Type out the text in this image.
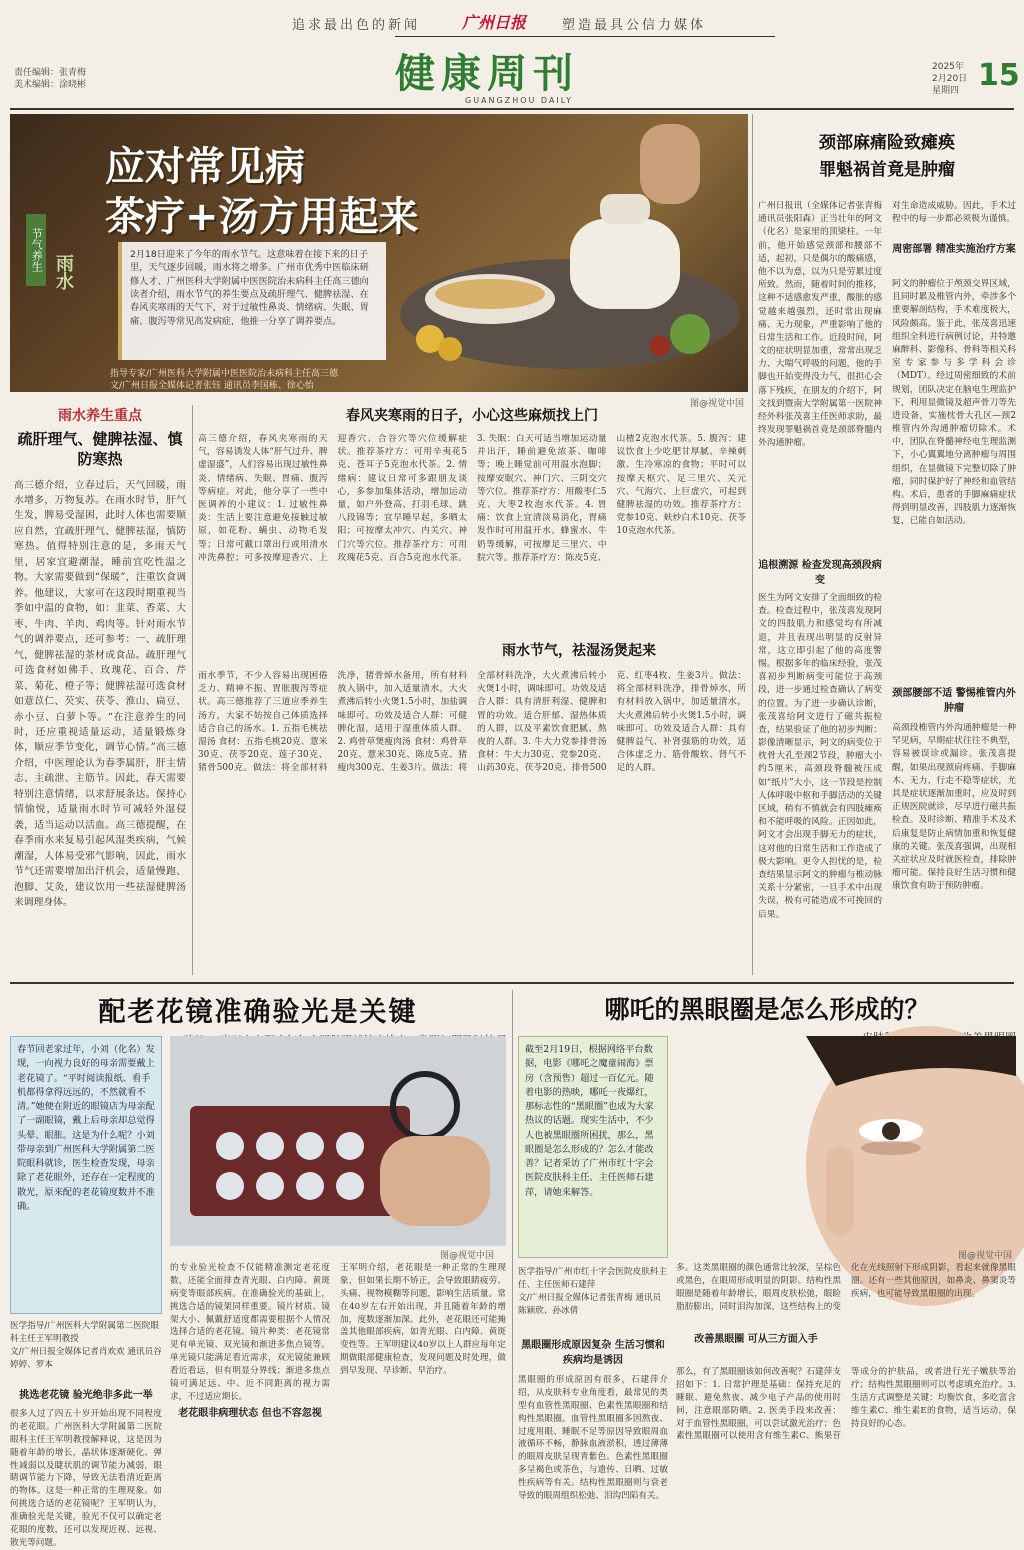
追求最出色的新闻	广州日报	塑造最具公信力媒体
健康周刊
GUANGZHOU DAILY
责任编辑：张青梅
美术编辑：涂晓彬
2025年
2月20日
星期四 15
应对常见病
茶疗+汤方用起来
节气养生 雨水	2月18日迎来了今年的雨水节气。这意味着在接下来的日子里，天气逐步回暖，雨水将之增多。广州市优秀中医临床研修人才、广州医科大学附属中医医院治未病科主任高三德向读者介绍，雨水节气的养生要点及疏肝理气、健脾祛湿、在春风夹寒雨的天气下，对于过敏性鼻炎、情绪病、失眠、胃痛、腹泻等常见高发病症，他推一分享了调养要点。
指导专家/广州医科大学附属中医医院治未病科主任高三德
文/广州日报全媒体记者张钰 通讯员李国栋、徐心怡
图@视觉中国
雨水养生重点
疏肝理气、健脾祛湿、慎防寒热
高三德介绍，立春过后，天气回暖，雨水增多，万物复苏。在雨水时节，肝气生发，脾易受湿困，此时人体也需要顺应自然，宜疏肝理气、健脾祛湿，慎防寒热。值得特别注意的是，多雨天气里，居家宜避潮湿，睡前宜吃性温之物。大家需要做到“保暖”，注重饮食调养。他建议，大家可在这段时期重视当季如中温的食物，如：韭菜、香菜、大枣、牛肉、羊肉、鸡肉等。针对雨水节气的调养要点，还可参考：一、疏肝理气，健脾祛湿的茶材成食品。疏肝理气可选食材如佛手、玫瑰花、百合、芹菜、菊花、橙子等；健脾祛湿可选食材如薏苡仁、芡实、茯苓、淮山、扁豆、赤小豆、白萝卜等。“在注意养生的同时，还应重视适量运动，适量锻炼身体，顺应季节变化，调节心情。”高三德介绍，中医理论认为春季属肝，肝主情志、主疏泄、主筋节。因此，春天需要特别注意情绪，以求舒展条达。保持心情愉悦，适量雨水时节可减轻外湿侵袭，适当运动以活血。高三德提醒，在春季雨水来复易引起风湿类疾病，气候潮湿，人体易受邪气影响，因此，雨水节气还需要增加出汗机会，适量慢跑、泡脚、艾灸，建议饮用一些祛湿健脾汤来调理身体。
春风夹寒雨的日子，小心这些麻烦找上门
高三德介绍，春风夹寒雨的天气，容易诱发人体“肝气过升、脾虚湿盛”，人们容易出现过敏性鼻炎、情绪病、失眠、胃痛、腹泻等病症。对此，他分享了一些中医调养的小建议：1. 过敏性鼻炎：生活上要注意避免接触过敏原，如花粉、螨虫、动物毛发等；日常可戴口罩出行或用清水冲洗鼻腔；可多按摩迎香穴、上迎香穴、合谷穴等穴位缓解症状。推荐茶疗方：可用辛夷花5克、苍耳子5克泡水代茶。2. 情绪病：建议日常可多跟朋友谈心，多参加集体活动，增加运动量，如户外登高、打羽毛球、跳八段锦等；宜早睡早起，多晒太阳；可按摩太冲穴、内关穴、神门穴等穴位。推荐茶疗方：可用玫瑰花5克、百合5克泡水代茶。3. 失眠：白天可适当增加运动量并出汗，睡前避免浓茶、咖啡等；晚上睡觉前可用温水泡脚；按摩安眠穴、神门穴、三阴交穴等穴位。推荐茶疗方：用酸枣仁5克、大枣2枚泡水代茶。4. 胃痛：饮食上宜清淡易消化，胃痛发作时可用温开水、蜂蜜水、牛奶等缓解，可按摩足三里穴、中脘穴等。推荐茶疗方：陈皮5克、山楂2克泡水代茶。5. 腹泻：建议饮食上少吃肥甘厚腻、辛辣刺激、生冷寒凉的食物；平时可以按摩天枢穴、足三里穴、关元穴、气海穴、上巨虚穴，可起到健脾祛湿的功效。推荐茶疗方：党参10克、麸炒白术10克、茯苓10克泡水代茶。
雨水节气，祛湿汤煲起来
雨水季节，不少人容易出现困倦乏力、精神不振、胃胀腹泻等症状。高三德推荐了三道应季养生汤方，大家不妨按自己体质选择适合自己的汤水。1. 五指毛桃祛湿汤 食材：五指毛桃20克、薏米30克、茯苓20克、莲子30克、猪骨500克。做法：将全部材料洗净，猪骨焯水备用，所有材料放入锅中，加入适量清水，大火煮沸后转小火煲1.5小时，加盐调味即可。功效及适合人群：可健脾化湿，适用于湿重体质人群。2. 鸡骨草煲瘦肉汤 食材：鸡骨草20克、薏米30克、陈皮5克、猪瘦肉300克、生姜3片。做法：将全部材料洗净，大火煮沸后转小火煲1小时，调味即可。功效及适合人群：具有清肝利湿、健脾和胃的功效。适合肝郁、湿热体质的人群，以及平素饮食肥腻、熬夜的人群。3. 牛大力党参排骨汤 食材：牛大力30克、党参20克、山药30克、茯苓20克、排骨500克、红枣4枚、生姜3片。做法：将全部材料洗净，排骨焯水，所有材料放入锅中，加适量清水，大火煮沸后转小火煲1.5小时，调味即可。功效及适合人群：具有健脾益气、补肾强筋的功效，适合体虚乏力、筋骨酸软、肾气不足的人群。
颈部麻痛险致瘫痪
罪魁祸首竟是肿瘤
广州日报讯（全媒体记者张青梅 通讯员张阳森）正当壮年的阿文（化名）是家里的顶梁柱。一年前，他开始感觉颈部和腰部不适，起初，只是偶尔的酸痛感，他不以为意，以为只是劳累过度所致。然而，随着时间的推移，这种不适感愈发严重，酸胀的感觉越来越强烈，还时常出现麻痛、无力现象，严重影响了他的日常生活和工作。近段时间，阿文的症状明显加重，常常出现乏力、大喘气呼吸的问题，他的手脚也开始变得没力气，很担心会落下残疾，在朋友的介绍下，阿文找到暨南大学附属第一医院神经外科张茂喜主任医师求助，最终发现罪魁祸首竟是颈部脊髓内外沟通肿瘤。
追根溯源 检查发现高颈段病变
医生为阿文安排了全面细致的检查。检查过程中，张茂喜发现阿文的四肢肌力和感觉均有所减退，并且表现出明显的反射异常，这立即引起了他的高度警惕。根据多年的临床经验，张茂喜初步判断病变可能位于高颈段，进一步通过检查确认了病变的位置。为了进一步确认诊断，张茂喜给阿文进行了磁共振检查，结果验证了他的初步判断：影像清晰显示，阿文的病变位于枕骨大孔至颈2节段，肿瘤大小约5厘米，高颈段脊髓被压成如“纸片”大小，这一节段是控制人体呼吸中枢和手脚活动的关键区域，稍有不慎就会有四肢瘫痪和不能呼吸的风险。正因如此，阿文才会出现手脚无力的症状，这对他的日常生活和工作造成了极大影响。更令人担忧的是，检查结果显示阿文的肿瘤与椎动脉关系十分紧密，一旦手术中出现失误，极有可能造成不可挽回的后果。
对生命造成威胁。因此，手术过程中的每一步都必须极为谨慎。
周密部署 精准实施治疗方案
阿文的肿瘤位于颅颈交界区域，且同时累及椎管内外，牵涉多个重要解剖结构，手术难度极大，风险颇高。鉴于此，张茂喜迅速组织全科进行病例讨论，并特邀麻醉科、影像科、骨科等相关科室专家参与多学科会诊（MDT）。经过周密细致的术前规划，团队决定在脑电生理监护下，利用显微镜及超声骨刀等先进设备，实施枕骨大孔区—颈2椎管内外沟通肿瘤切除术。术中，团队在脊髓神经电生理监测下，小心翼翼地分离肿瘤与周围组织，在显微镜下完整切除了肿瘤，同时保护好了神经和血管结构。术后，患者的手脚麻痛症状得到明显改善，四肢肌力逐渐恢复，已能自如活动。
颈部腰部不适 警惕椎管内外肿瘤
高颈段椎管内外沟通肿瘤是一种罕见病，早期症状往往不典型，容易被误诊或漏诊。张茂喜提醒，如果出现颈肩疼痛、手脚麻木、无力、行走不稳等症状，尤其是症状逐渐加重时，应及时到正规医院就诊，尽早进行磁共振检查。及时诊断、精准手术及术后康复是防止病情加重和恢复健康的关键。张茂喜强调，出现相关症状应及时就医检查，排除肿瘤可能。保持良好生活习惯和健康饮食有助于预防肿瘤。
配老花镜准确验光是关键
春节回老家过年，小刘（化名）发现，一向视力良好的母亲需要戴上老花镜了。“平时阅读报纸、看手机都得拿得远远的，不然就看不清。”她便在附近的眼镜店为母亲配了一副眼镜，戴上后母亲却总觉得头晕、眼胀。这是为什么呢？小刘带母亲到广州医科大学附属第二医院眼科就诊，医生检查发现，母亲除了老花眼外，还存在一定程度的散光，原来配的老花镜度数并不准确。
图@视觉中国
医学指导/广州医科大学附属第二医院眼科主任王军明教授
文/广州日报全媒体记者肖欢欢 通讯员谷婷婷、罗本
挑选老花镜 验光绝非多此一举
很多人过了四五十岁开始出现不同程度的老花眼。广州医科大学附属第二医院眼科主任王军明教授解释说，这是因为随着年龄的增长，晶状体逐渐硬化、弹性减弱以及睫状肌的调节能力减弱，眼睛调节能力下降，导致无法看清近距离的物体。这是一种正常的生理现象。如何挑选合适的老花镜呢？王军明认为，准确验光是关键，验光不仅可以确定老花眼的度数，还可以发现近视、远视、散光等问题。
的专业验光检查不仅能精准测定老花度数，还能全面排查青光眼、白内障、黄斑病变等眼部疾病。在准确验光的基础上，挑选合适的镜架同样重要。镜片材质、镜架大小、佩戴舒适度都需要根据个人情况选择合适的老花镜。镜片种类：老花镜常见有单光镜、双光镜和渐进多焦点镜等。单光镜只能满足看近需求，双光镜能兼顾看近看远，但有明显分界线；渐进多焦点镜可满足远、中、近不同距离的视力需求，不过适应期长。
老花眼非病理状态 但也不容忽视
王军明介绍，老花眼是一种正常的生理现象，但如果长期不矫正，会导致眼睛疲劳、头痛、视物模糊等问题，影响生活质量。常在40岁左右开始出现，并且随着年龄的增加，度数逐渐加深。此外，老花眼还可能掩盖其他眼部疾病，如青光眼、白内障、黄斑变性等。王军明建议40岁以上人群应每年定期做眼部健康检查，发现问题及时处理，做到早发现、早诊断、早治疗。
哪吒的黑眼圈是怎么形成的？
截至2月19日，根据网络平台数据，电影《哪吒之魔童闹海》票房（含预售）超过一百亿元。随着电影的热映，哪吒一夜爆红，那标志性的“黑眼圈”也成为大家热议的话题。现实生活中，不少人也被黑眼圈所困扰，那么，黑眼圈是怎么形成的？怎么才能改善？记者采访了广州市红十字会医院皮肤科主任、主任医师石建萍，请她来解答。
图@视觉中国
医学指导/广州市红十字会医院皮肤科主任、主任医师石建萍
文/广州日报全媒体记者张青梅 通讯员陈颖欣、孙冰倩
黑眼圈形成原因复杂 生活习惯和疾病均是诱因
黑眼圈的形成原因有很多，石建萍介绍，从皮肤科专业角度看，最常见的类型有血管性黑眼圈、色素性黑眼圈和结构性黑眼圈。血管性黑眼圈多因熬夜、过度用眼、睡眠不足等原因导致眼周血液循环不畅，静脉血液淤积，透过薄薄的眼周皮肤呈现青紫色。色素性黑眼圈多呈褐色或茶色，与遗传、日晒、过敏性疾病等有关。结构性黑眼圈则与衰老导致的眼周组织松弛、泪沟凹陷有关。
改善黑眼圈 可从三方面入手
那么，有了黑眼圈该如何改善呢？石建萍支招如下：1. 日常护理是基础：保持充足的睡眠、避免熬夜、减少电子产品的使用时间，注意眼部防晒。2. 医美手段来改善：对于血管性黑眼圈，可以尝试激光治疗；色素性黑眼圈可以使用含有维生素C、熊果苷等成分的护肤品，或者进行光子嫩肤等治疗；结构性黑眼圈则可以考虑填充治疗。3. 生活方式调整是关键：均衡饮食，多吃富含维生素C、维生素E的食物，适当运动，保持良好的心态。
多。这类黑眼圈的颜色通常比较深，呈棕色或黑色，在眼周形成明显的阴影。结构性黑眼圈是随着年龄增长，眼周皮肤松弛，眼睑脂肪膨出，同时泪沟加深，这些结构上的变化在光线照射下形成阴影，看起来就像黑眼圈。还有一些其他原因，如鼻炎、鼻窦炎等疾病，也可能导致黑眼圈的出现。
